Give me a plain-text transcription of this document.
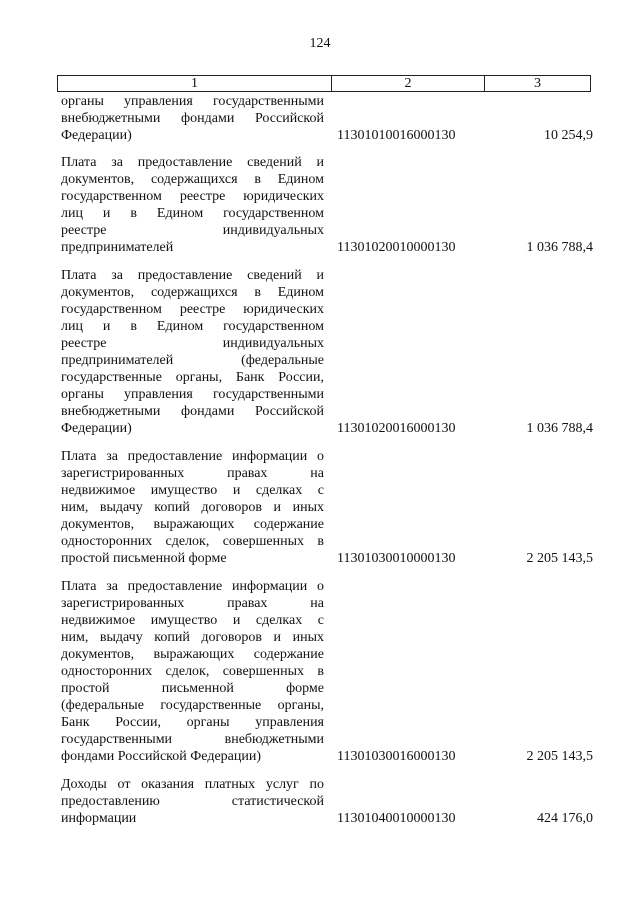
124
1	2	3
органы управления государственными
внебюджетными фондами Российской
Федерации)	11301010016000130	10 254,9
Плата за предоставление сведений и
документов, содержащихся в Едином
государственном реестре юридических
лиц и в Едином государственном
реестре индивидуальных
предпринимателей	11301020010000130	1 036 788,4
Плата за предоставление сведений и
документов, содержащихся в Едином
государственном реестре юридических
лиц и в Едином государственном
реестре индивидуальных
предпринимателей (федеральные
государственные органы, Банк России,
органы управления государственными
внебюджетными фондами Российской
Федерации)	11301020016000130	1 036 788,4
Плата за предоставление информации о
зарегистрированных правах на
недвижимое имущество и сделках с
ним, выдачу копий договоров и иных
документов, выражающих содержание
односторонних сделок, совершенных в
простой письменной форме	11301030010000130	2 205 143,5
Плата за предоставление информации о
зарегистрированных правах на
недвижимое имущество и сделках с
ним, выдачу копий договоров и иных
документов, выражающих содержание
односторонних сделок, совершенных в
простой письменной форме
(федеральные государственные органы,
Банк России, органы управления
государственными внебюджетными
фондами Российской Федерации)	11301030016000130	2 205 143,5
Доходы от оказания платных услуг по
предоставлению статистической
информации	11301040010000130	424 176,0
